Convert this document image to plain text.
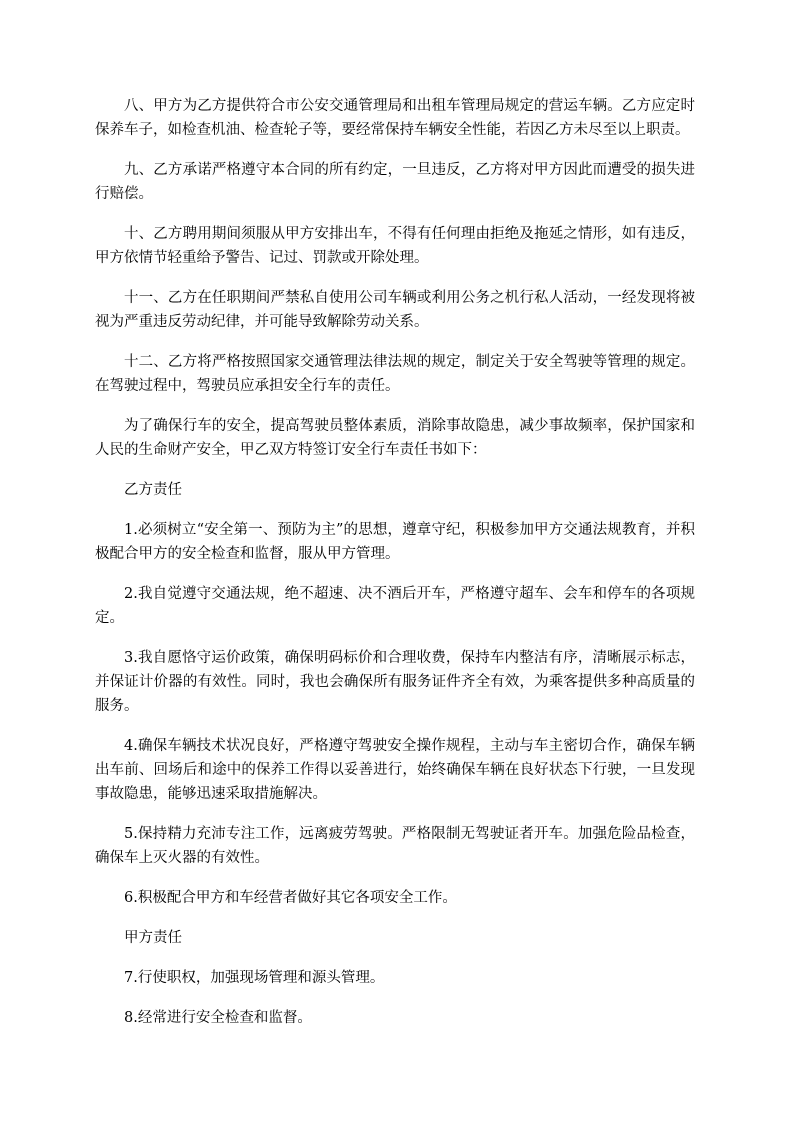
八、甲方为乙方提供符合市公安交通管理局和出租车管理局规定的营运车辆。乙方应定时保养车子，如检查机油、检查轮子等，要经常保持车辆安全性能，若因乙方未尽至以上职责。

九、乙方承诺严格遵守本合同的所有约定，一旦违反，乙方将对甲方因此而遭受的损失进行赔偿。

十、乙方聘用期间须服从甲方安排出车，不得有任何理由拒绝及拖延之情形，如有违反，甲方依情节轻重给予警告、记过、罚款或开除处理。

十一、乙方在任职期间严禁私自使用公司车辆或利用公务之机行私人活动，一经发现将被视为严重违反劳动纪律，并可能导致解除劳动关系。

十二、乙方将严格按照国家交通管理法律法规的规定，制定关于安全驾驶等管理的规定。在驾驶过程中，驾驶员应承担安全行车的责任。

为了确保行车的安全，提高驾驶员整体素质，消除事故隐患，减少事故频率，保护国家和人民的生命财产安全，甲乙双方特签订安全行车责任书如下：

乙方责任

1.必须树立“安全第一、预防为主”的思想，遵章守纪，积极参加甲方交通法规教育，并积极配合甲方的安全检查和监督，服从甲方管理。

2.我自觉遵守交通法规，绝不超速、决不酒后开车，严格遵守超车、会车和停车的各项规定。

3.我自愿恪守运价政策，确保明码标价和合理收费，保持车内整洁有序，清晰展示标志，并保证计价器的有效性。同时，我也会确保所有服务证件齐全有效，为乘客提供多种高质量的服务。

4.确保车辆技术状况良好，严格遵守驾驶安全操作规程，主动与车主密切合作，确保车辆出车前、回场后和途中的保养工作得以妥善进行，始终确保车辆在良好状态下行驶，一旦发现事故隐患，能够迅速采取措施解决。

5.保持精力充沛专注工作，远离疲劳驾驶。严格限制无驾驶证者开车。加强危险品检查，确保车上灭火器的有效性。

6.积极配合甲方和车经营者做好其它各项安全工作。

甲方责任

7.行使职权，加强现场管理和源头管理。

8.经常进行安全检查和监督。
